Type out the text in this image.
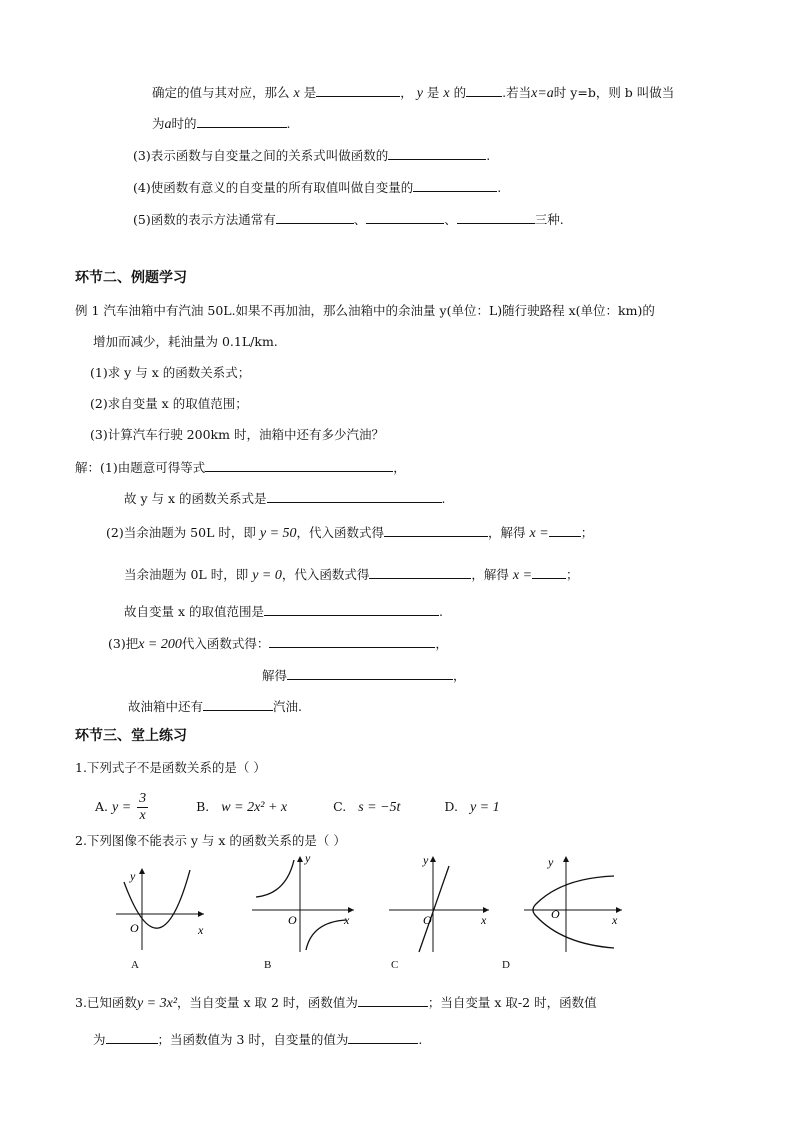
确定的值与其对应，那么 x 是	， y 是 x 的	.若当x=a时 y=b，则 b 叫做当
为a时的	.
(3)表示函数与自变量之间的关系式叫做函数的	.
(4)使函数有意义的自变量的所有取值叫做自变量的	.
(5)函数的表示方法通常有	、	、	三种.
环节二、例题学习
例 1 汽车油箱中有汽油 50L.如果不再加油，那么油箱中的余油量 y(单位：L)随行驶路程 x(单位：km)的
增加而减少，耗油量为 0.1L/km.
(1)求 y 与 x 的函数关系式；
(2)求自变量 x 的取值范围；
(3)计算汽车行驶 200km 时，油箱中还有多少汽油？
解：(1)由题意可得等式	，
故 y 与 x 的函数关系式是	.
(2)当余油题为 50L 时，即 y = 50，代入函数式得	，解得 x =	；
当余油题为 0L 时，即 y = 0，代入函数式得	，解得 x =	；
故自变量 x 的取值范围是	.
(3)把x = 200代入函数式得：	，
解得	，
故油箱中还有	汽油.
环节三、堂上练习
1.下列式子不是函数关系的是（ ）
A. $y = \frac{3}{x}$	B. w = 2x² + x	C. s = −5t	D. y = 1
2.下列图像不能表示 y 与 x 的函数关系的是（ ）
x
y
O
A
x
y
O
B
x
y
O
C
x
y
O
D
3.已知函数y = 3x²，当自变量 x 取 2 时，函数值为	；当自变量 x 取-2 时，函数值
为	；当函数值为 3 时，自变量的值为	.
